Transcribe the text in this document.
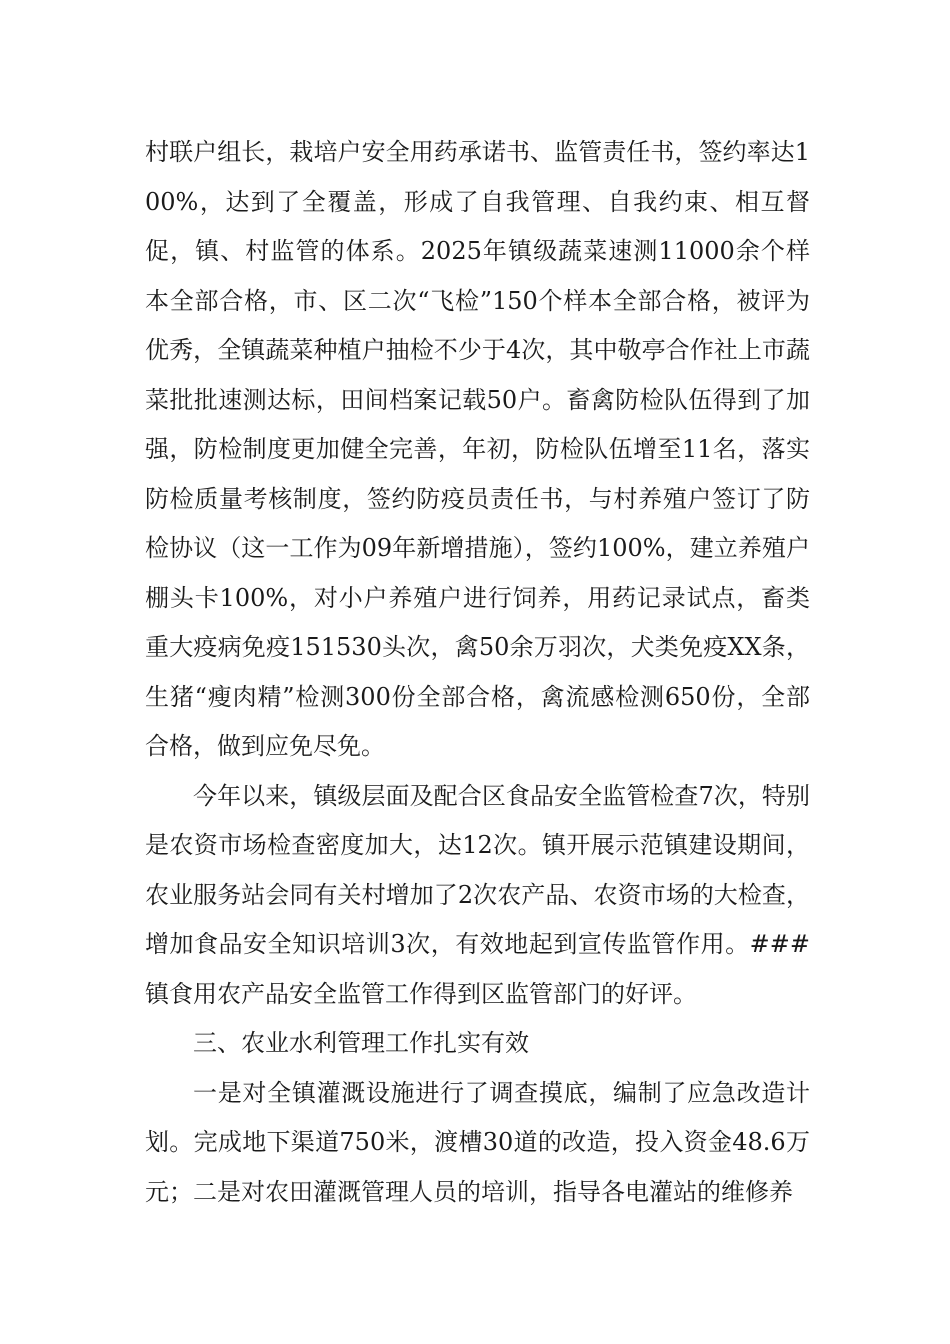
村联户组长，栽培户安全用药承诺书、监管责任书，签约率达100%，达到了全覆盖，形成了自我管理、自我约束、相互督促，镇、村监管的体系。2025年镇级蔬菜速测11000余个样本全部合格，市、区二次“飞检”150个样本全部合格，被评为优秀，全镇蔬菜种植户抽检不少于4次，其中敬亭合作社上市蔬菜批批速测达标，田间档案记载50户。畜禽防检队伍得到了加强，防检制度更加健全完善，年初，防检队伍增至11名，落实防检质量考核制度，签约防疫员责任书，与村养殖户签订了防检协议（这一工作为09年新增措施），签约100%，建立养殖户棚头卡100%，对小户养殖户进行饲养，用药记录试点，畜类重大疫病免疫151530头次，禽50余万羽次，犬类免疫XX条，生猪“瘦肉精”检测300份全部合格，禽流感检测650份，全部合格，做到应免尽免。

今年以来，镇级层面及配合区食品安全监管检查7次，特别是农资市场检查密度加大，达12次。镇开展示范镇建设期间，农业服务站会同有关村增加了2次农产品、农资市场的大检查，增加食品安全知识培训3次，有效地起到宣传监管作用。###镇食用农产品安全监管工作得到区监管部门的好评。

三、农业水利管理工作扎实有效

一是对全镇灌溉设施进行了调查摸底，编制了应急改造计划。完成地下渠道750米，渡槽30道的改造，投入资金48.6万元；二是对农田灌溉管理人员的培训，指导各电灌站的维修养
